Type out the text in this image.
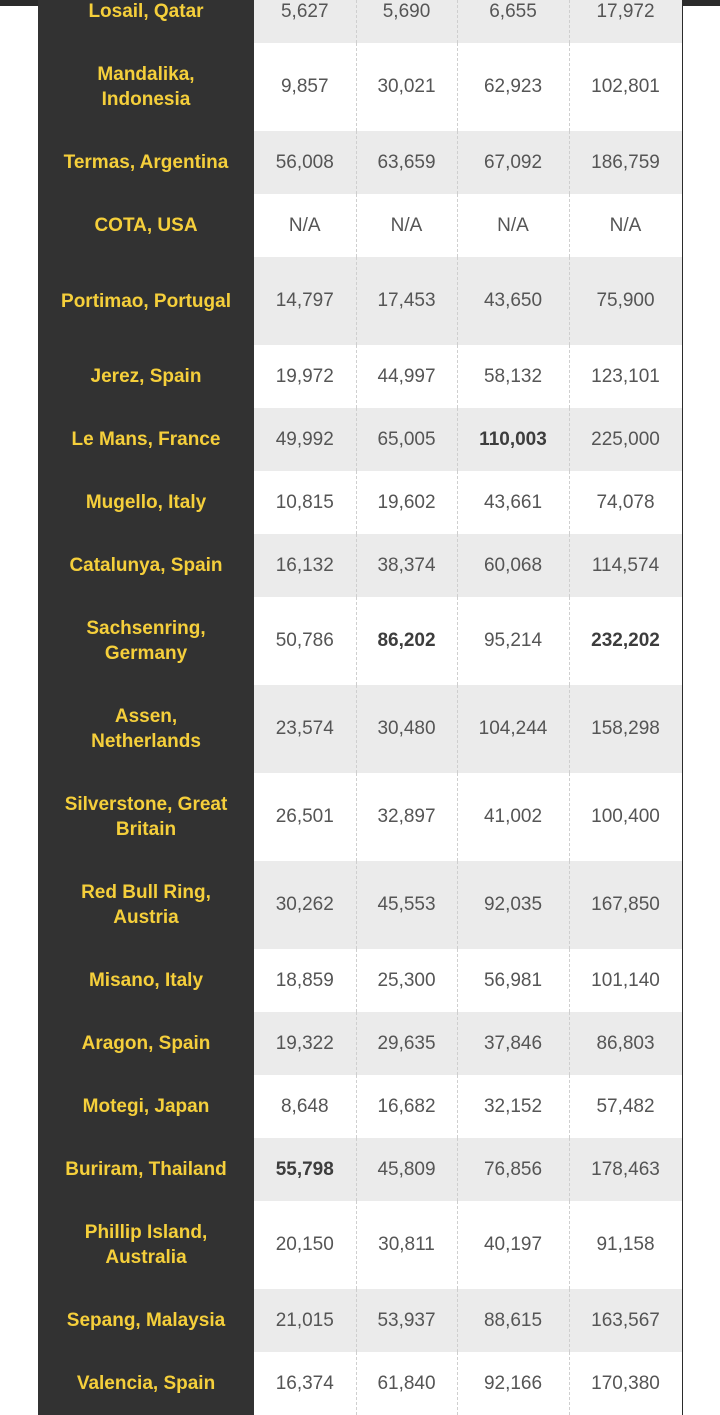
Losail, Qatar	5,627	5,690	6,655	17,972
Mandalika, Indonesia	9,857	30,021	62,923	102,801
Termas, Argentina	56,008	63,659	67,092	186,759
COTA, USA	N/A	N/A	N/A	N/A
Portimao, Portugal	14,797	17,453	43,650	75,900
Jerez, Spain	19,972	44,997	58,132	123,101
Le Mans, France	49,992	65,005	110,003	225,000
Mugello, Italy	10,815	19,602	43,661	74,078
Catalunya, Spain	16,132	38,374	60,068	114,574
Sachsenring, Germany	50,786	86,202	95,214	232,202
Assen, Netherlands	23,574	30,480	104,244	158,298
Silverstone, Great Britain	26,501	32,897	41,002	100,400
Red Bull Ring, Austria	30,262	45,553	92,035	167,850
Misano, Italy	18,859	25,300	56,981	101,140
Aragon, Spain	19,322	29,635	37,846	86,803
Motegi, Japan	8,648	16,682	32,152	57,482
Buriram, Thailand	55,798	45,809	76,856	178,463
Phillip Island, Australia	20,150	30,811	40,197	91,158
Sepang, Malaysia	21,015	53,937	88,615	163,567
Valencia, Spain	16,374	61,840	92,166	170,380
